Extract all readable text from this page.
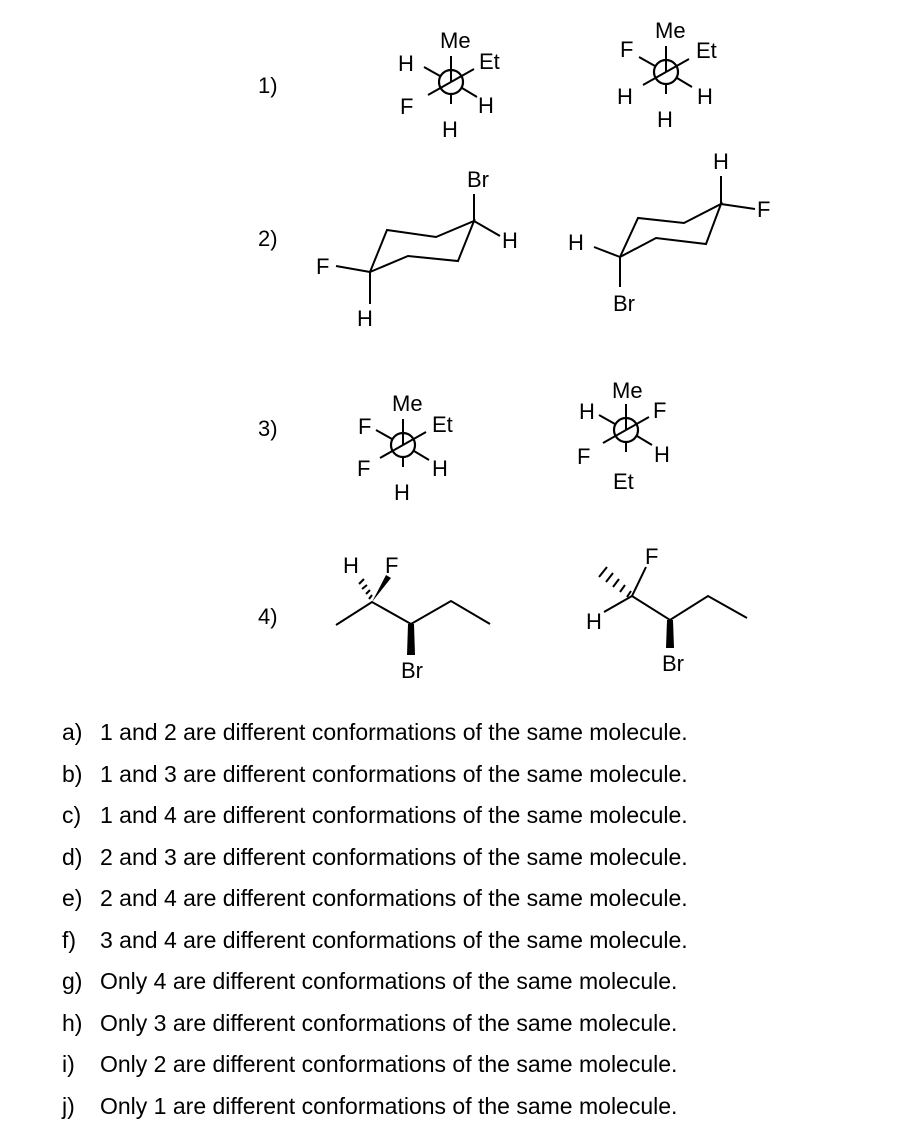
1)
Me
Et
F
H
H
H
Me
Et
H
F
H
H
2)
Br
H
F
H
H
F
H
Br
3)
Me
Et
F
F
H
H
Me
F
F
H
H
Et
4)
H F
Br
H
F
Br
a) 1 and 2 are different conformations of the same molecule.
b) 1 and 3 are different conformations of the same molecule.
c) 1 and 4 are different conformations of the same molecule.
d) 2 and 3 are different conformations of the same molecule.
e) 2 and 4 are different conformations of the same molecule.
f) 3 and 4 are different conformations of the same molecule.
g) Only 4 are different conformations of the same molecule.
h) Only 3 are different conformations of the same molecule.
i) Only 2 are different conformations of the same molecule.
j) Only 1 are different conformations of the same molecule.
